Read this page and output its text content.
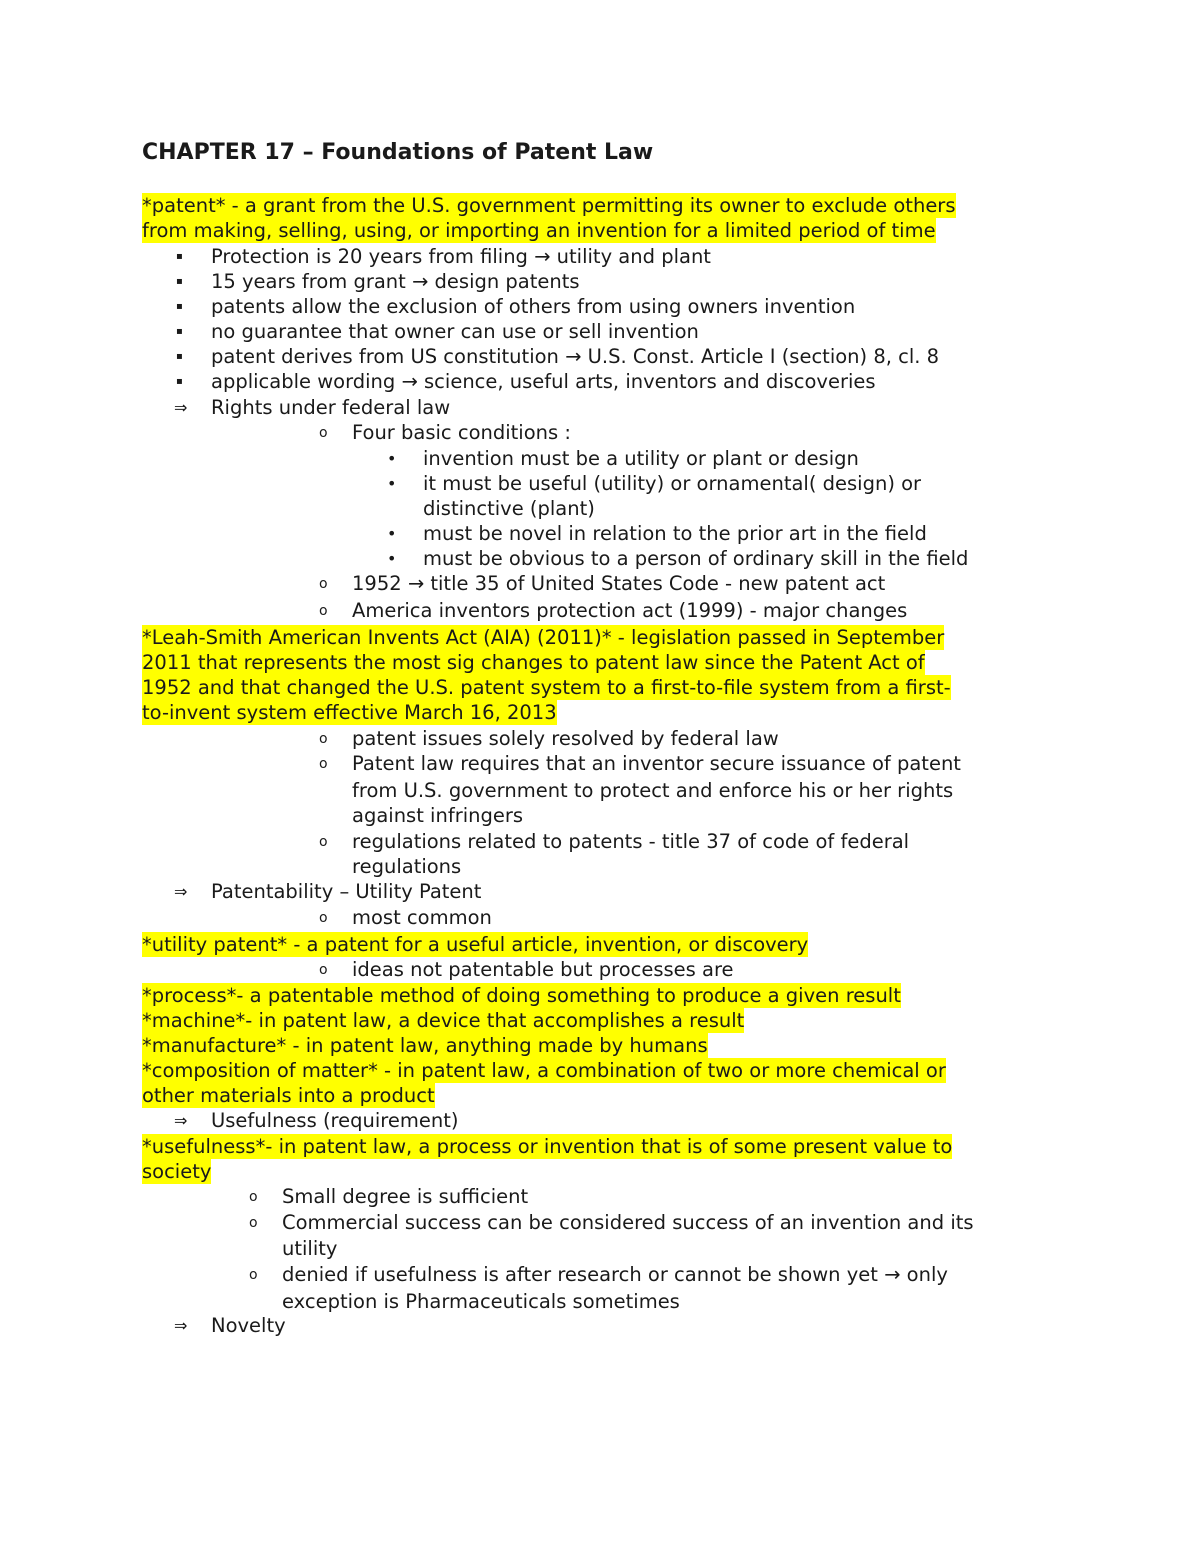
CHAPTER 17 – Foundations of Patent Law
*patent* - a grant from the U.S. government permitting its owner to exclude others
from making, selling, using, or importing an invention for a limited period of time
▪ Protection is 20 years from filing → utility and plant
▪ 15 years from grant → design patents
▪ patents allow the exclusion of others from using owners invention
▪ no guarantee that owner can use or sell invention
▪ patent derives from US constitution → U.S. Const. Article I (section) 8, cl. 8
▪ applicable wording → science, useful arts, inventors and discoveries
⇒ Rights under federal law
o Four basic conditions :
• invention must be a utility or plant or design
• it must be useful (utility) or ornamental( design) or
distinctive (plant)
• must be novel in relation to the prior art in the field
• must be obvious to a person of ordinary skill in the field
o 1952 → title 35 of United States Code - new patent act
o America inventors protection act (1999) - major changes
*Leah-Smith American Invents Act (AIA) (2011)* - legislation passed in September
2011 that represents the most sig changes to patent law since the Patent Act of
1952 and that changed the U.S. patent system to a first-to-file system from a first-
to-invent system effective March 16, 2013
o patent issues solely resolved by federal law
o Patent law requires that an inventor secure issuance of patent
from U.S. government to protect and enforce his or her rights
against infringers
o regulations related to patents - title 37 of code of federal
regulations
⇒ Patentability – Utility Patent
o most common
*utility patent* - a patent for a useful article, invention, or discovery
o ideas not patentable but processes are
*process*- a patentable method of doing something to produce a given result
*machine*- in patent law, a device that accomplishes a result
*manufacture* - in patent law, anything made by humans
*composition of matter* - in patent law, a combination of two or more chemical or
other materials into a product
⇒ Usefulness (requirement)
*usefulness*- in patent law, a process or invention that is of some present value to
society
o Small degree is sufficient
o Commercial success can be considered success of an invention and its
utility
o denied if usefulness is after research or cannot be shown yet → only
exception is Pharmaceuticals sometimes
⇒ Novelty
